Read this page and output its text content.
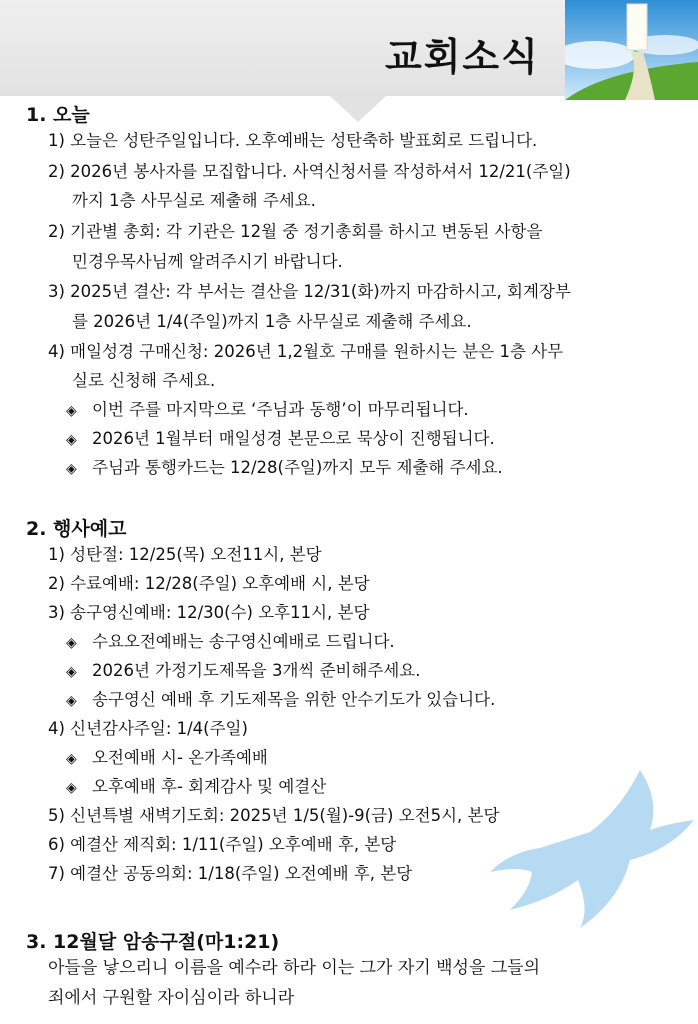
교회소식
1. 오늘
1) 오늘은 성탄주일입니다. 오후예배는 성탄축하 발표회로 드립니다.
2) 2026년 봉사자를 모집합니다. 사역신청서를 작성하셔서 12/21(주일)
까지 1층 사무실로 제출해 주세요.
2) 기관별 총회: 각 기관은 12월 중 정기총회를 하시고 변동된 사항을
민경우목사님께 알려주시기 바랍니다.
3) 2025년 결산: 각 부서는 결산을 12/31(화)까지 마감하시고, 회계장부
를 2026년 1/4(주일)까지 1층 사무실로 제출해 주세요.
4) 매일성경 구매신청: 2026년 1,2월호 구매를 원하시는 분은 1층 사무
실로 신청해 주세요.
◈ 이번 주를 마지막으로 ‘주님과 동행’이 마무리됩니다.
◈ 2026년 1월부터 매일성경 본문으로 묵상이 진행됩니다.
◈ 주님과 통행카드는 12/28(주일)까지 모두 제출해 주세요.
2. 행사예고
1) 성탄절: 12/25(목) 오전11시, 본당
2) 수료예배: 12/28(주일) 오후예배 시, 본당
3) 송구영신예배: 12/30(수) 오후11시, 본당
◈ 수요오전예배는 송구영신예배로 드립니다.
◈ 2026년 가정기도제목을 3개씩 준비해주세요.
◈ 송구영신 예배 후 기도제목을 위한 안수기도가 있습니다.
4) 신년감사주일: 1/4(주일)
◈ 오전예배 시- 온가족예배
◈ 오후예배 후- 회계감사 및 예결산
5) 신년특별 새벽기도회: 2025년 1/5(월)-9(금) 오전5시, 본당
6) 예결산 제직회: 1/11(주일) 오후예배 후, 본당
7) 예결산 공동의회: 1/18(주일) 오전예배 후, 본당
3. 12월달 암송구절(마1:21)
아들을 낳으리니 이름을 예수라 하라 이는 그가 자기 백성을 그들의
죄에서 구원할 자이심이라 하니라
